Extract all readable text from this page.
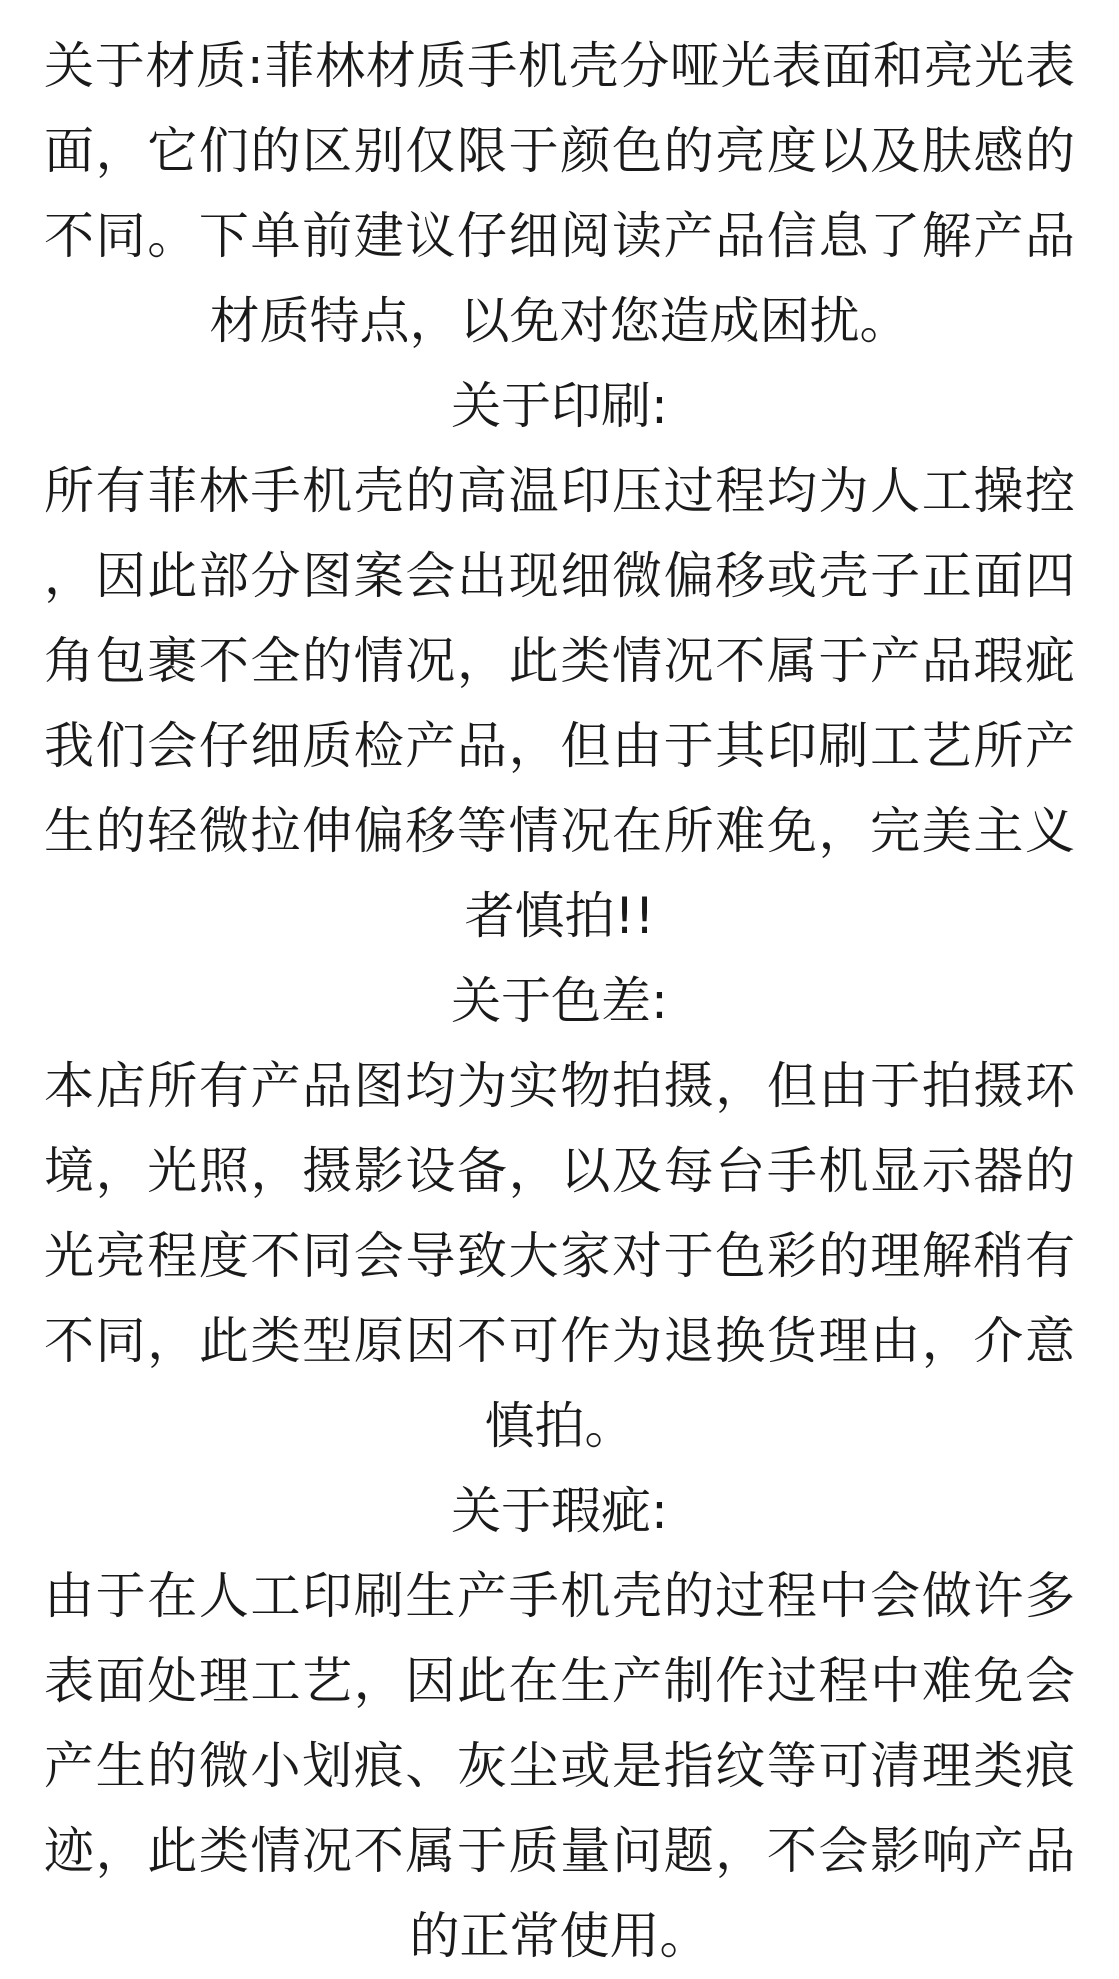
关于材质:菲林材质手机壳分哑光表面和亮光表
面，它们的区别仅限于颜色的亮度以及肤感的
不同。下单前建议仔细阅读产品信息了解产品
材质特点，以免对您造成困扰。
关于印刷:
所有菲林手机壳的高温印压过程均为人工操控
，因此部分图案会出现细微偏移或壳子正面四
角包裹不全的情况，此类情况不属于产品瑕疵
我们会仔细质检产品，但由于其印刷工艺所产
生的轻微拉伸偏移等情况在所难免，完美主义
者慎拍!!
关于色差:
本店所有产品图均为实物拍摄，但由于拍摄环
境，光照，摄影设备，以及每台手机显示器的
光亮程度不同会导致大家对于色彩的理解稍有
不同，此类型原因不可作为退换货理由，介意
慎拍。
关于瑕疵:
由于在人工印刷生产手机壳的过程中会做许多
表面处理工艺，因此在生产制作过程中难免会
产生的微小划痕、灰尘或是指纹等可清理类痕
迹，此类情况不属于质量问题，不会影响产品
的正常使用。
